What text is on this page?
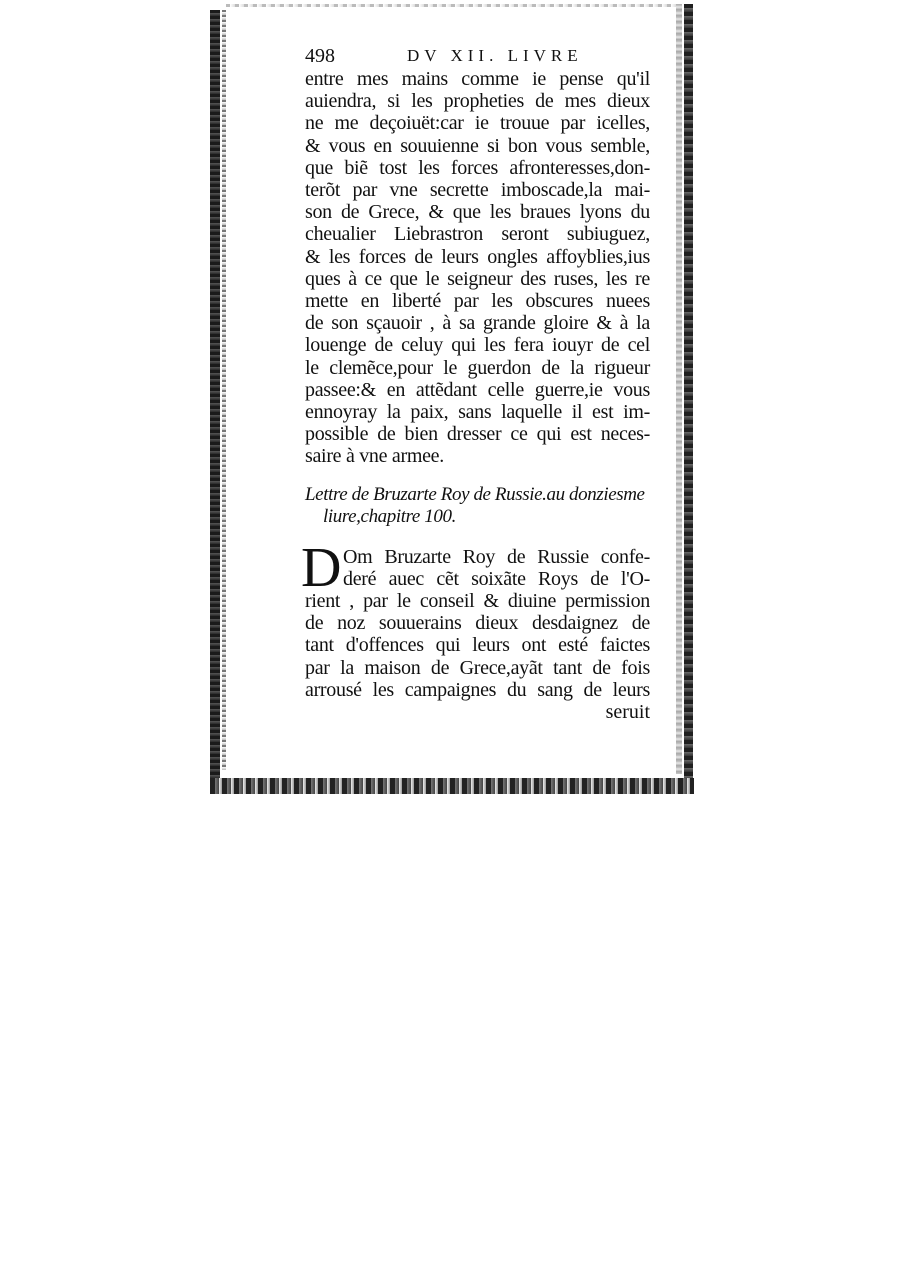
498	DV XII. LIVRE
entre mes mains comme ie pense qu'il
auiendra, si les propheties de mes dieux
ne me deçoiuët:car ie trouue par icelles,
& vous en souuienne si bon vous semble,
que biẽ tost les forces afronteresses,don-
terõt par vne secrette imboscade,la mai-
son de Grece, & que les braues lyons du
cheualier Liebrastron seront subiuguez,
& les forces de leurs ongles affoyblies,ius
ques à ce que le seigneur des ruses, les re
mette en liberté par les obscures nuees
de son sçauoir , à sa grande gloire & à la
louenge de celuy qui les fera iouyr de cel
le clemẽce,pour le guerdon de la rigueur
passee:& en attẽdant celle guerre,ie vous
ennoyray la paix, sans laquelle il est im-
possible de bien dresser ce qui est neces-
saire à vne armee.
Lettre de Bruzarte Roy de Russie.au donziesme
liure,chapitre 100.
D Om Bruzarte Roy de Russie confe-
deré auec cẽt soixãte Roys de l'O-
rient , par le conseil & diuine permission
de noz souuerains dieux desdaignez de
tant d'offences qui leurs ont esté faictes
par la maison de Grece,ayãt tant de fois
arrousé les campaignes du sang de leurs
seruit
